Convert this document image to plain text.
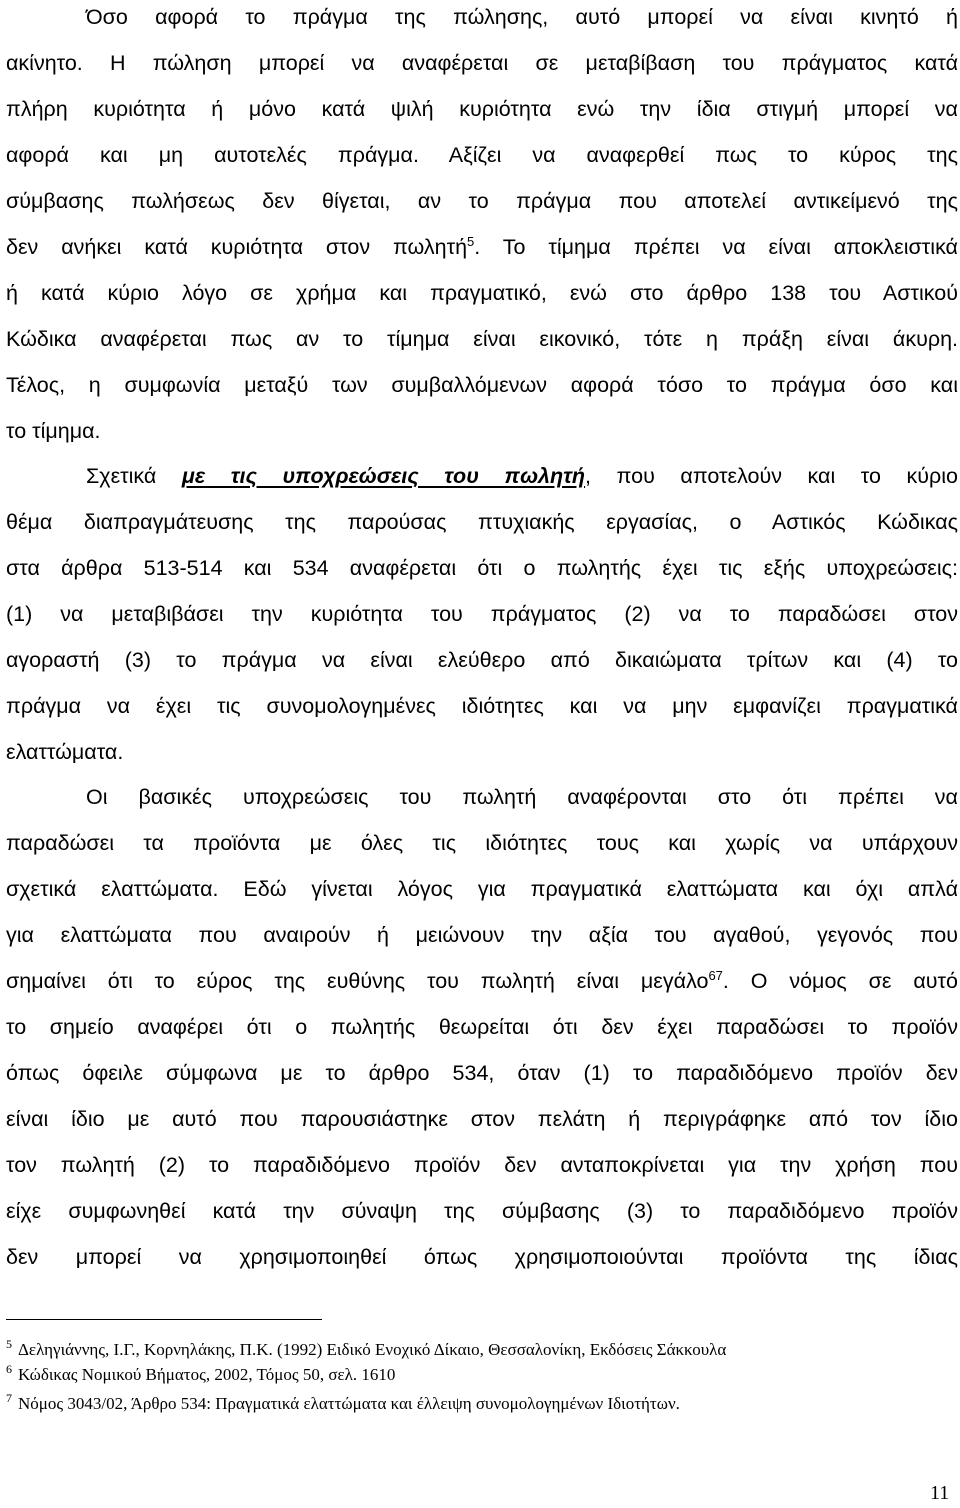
Όσο αφορά το πράγμα της πώλησης, αυτό μπορεί να είναι κινητό ή
ακίνητο. Η πώληση μπορεί να αναφέρεται σε μεταβίβαση του πράγματος κατά
πλήρη κυριότητα ή μόνο κατά ψιλή κυριότητα ενώ την ίδια στιγμή μπορεί να
αφορά και μη αυτοτελές πράγμα. Αξίζει να αναφερθεί πως το κύρος της
σύμβασης πωλήσεως δεν θίγεται, αν το πράγμα που αποτελεί αντικείμενό της
δεν ανήκει κατά κυριότητα στον πωλητή$^5$. Το τίμημα πρέπει να είναι αποκλειστικά
ή κατά κύριο λόγο σε χρήμα και πραγματικό, ενώ στο άρθρο 138 του Αστικού
Κώδικα αναφέρεται πως αν το τίμημα είναι εικονικό, τότε η πράξη είναι άκυρη.
Τέλος, η συμφωνία μεταξύ των συμβαλλόμενων αφορά τόσο το πράγμα όσο και
το τίμημα.
Σχετικά με τις υποχρεώσεις του πωλητή, που αποτελούν και το κύριο
θέμα διαπραγμάτευσης της παρούσας πτυχιακής εργασίας, ο Αστικός Κώδικας
στα άρθρα 513-514 και 534 αναφέρεται ότι ο πωλητής έχει τις εξής υποχρεώσεις:
(1) να μεταβιβάσει την κυριότητα του πράγματος (2) να το παραδώσει στον
αγοραστή (3) το πράγμα να είναι ελεύθερο από δικαιώματα τρίτων και (4) το
πράγμα να έχει τις συνομολογημένες ιδιότητες και να μην εμφανίζει πραγματικά
ελαττώματα.
Οι βασικές υποχρεώσεις του πωλητή αναφέρονται στο ότι πρέπει να
παραδώσει τα προϊόντα με όλες τις ιδιότητες τους και χωρίς να υπάρχουν
σχετικά ελαττώματα. Εδώ γίνεται λόγος για πραγματικά ελαττώματα και όχι απλά
για ελαττώματα που αναιρούν ή μειώνουν την αξία του αγαθού, γεγονός που
σημαίνει ότι το εύρος της ευθύνης του πωλητή είναι μεγάλο$^{67}$. Ο νόμος σε αυτό
το σημείο αναφέρει ότι ο πωλητής θεωρείται ότι δεν έχει παραδώσει το προϊόν
όπως όφειλε σύμφωνα με το άρθρο 534, όταν (1) το παραδιδόμενο προϊόν δεν
είναι ίδιο με αυτό που παρουσιάστηκε στον πελάτη ή περιγράφηκε από τον ίδιο
τον πωλητή (2) το παραδιδόμενο προϊόν δεν ανταποκρίνεται για την χρήση που
είχε συμφωνηθεί κατά την σύναψη της σύμβασης (3) το παραδιδόμενο προϊόν
δεν μπορεί να χρησιμοποιηθεί όπως χρησιμοποιούνται προϊόντα της ίδιας
$^5$ Δεληγιάννης, Ι.Γ., Κορνηλάκης, Π.Κ. (1992) Ειδικό Ενοχικό Δίκαιο, Θεσσαλονίκη, Εκδόσεις Σάκκουλα
$^6$ Κώδικας Νομικού Βήματος, 2002, Τόμος 50, σελ. 1610
$^7$ Νόμος 3043/02, Άρθρο 534: Πραγματικά ελαττώματα και έλλειψη συνομολογημένων Ιδιοτήτων.
11
